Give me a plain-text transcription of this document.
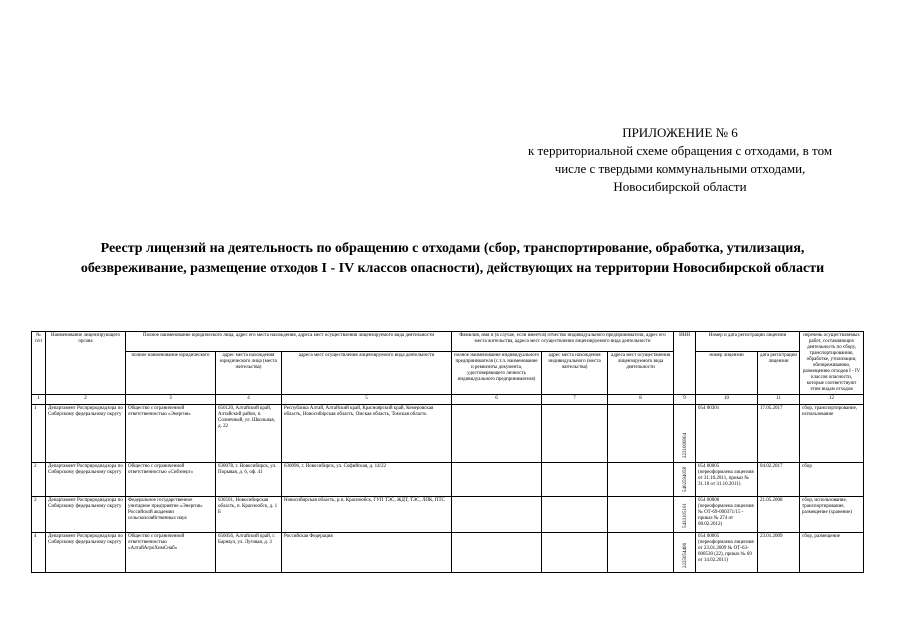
ПРИЛОЖЕНИЕ № 6
к территориальной схеме обращения с отходами, в том
числе с твердыми коммунальными отходами,
Новосибирской области
Реестр лицензий на деятельность по обращению с отходами (сбор, транспортирование, обработка, утилизация,
обезвреживание, размещение отходов I - IV классов опасности), действующих на территории Новосибирской области
№ п/п	Наименование лицензирующего органа	Полное наименование юридического лица, адрес его места нахождения, адреса мест осуществления лицензируемого вида деятельности			Фамилия, имя и (в случае, если имеется) отчество индивидуального предпринимателя, адрес его места жительства, адреса мест осуществления лицензируемого вида деятельности			ИНН	Номер и дата регистрации лицензии		перечень осуществляемых работ, составляющих деятельность по сбору, транспортированию, обработке, утилизации, обезвреживанию, размещению отходов I - IV классов опасности, которые соответствуют этим видам отходов
		полное наименование юридического	адрес места нахождения юридического лица (места жительства)	адреса мест осуществления лицензируемого вида деятельности	полное наименование индивидуального предпринимателя (с.т.л. наименование и реквизиты документа, удостоверяющего личность индивидуального предпринимателя)	адрес места нахождения индивидуального (места жительства)	адреса мест осуществления лицензируемого вида деятельности		номер лицензии	дата регистрации лицензии	
1	2	3	4	5	6	7	8	9	10	11	12
1	Департамент Росприроднадзора по Сибирскому федеральному округу	Общество с ограниченной ответственностью «Энергия»	656120, Алтайский край, Алтайский район, п. Солнечный, ул. Школьная, д. 22	Республика Алтай, Алтайский край, Красноярский край, Кемеровская область, Новосибирская область, Омская область, Томская область				2231006904	054 00301	17.05.2017	сбор, транспортирование, использование
2	Департамент Росприроднадзора по Сибирскому федеральному округу	Общество с ограниченной ответственностью «Сибэнерг»	630078, г. Новосибирск, ул. Порывая, д. 6, оф. 41	630096, г. Новосибирск, ул. Софийская, д. 14/22				5402594058	054 00005 (переоформлена лицензия от 31.10.2011, приказ № 31.10 от 31.10.2011)	04.02.2017	сбор
3	Департамент Росприроднадзора по Сибирскому федеральному округу	Федеральное государственное унитарное предприятие «Энергия» Российской академии сельскохозяйственных наук	630501, Новосибирская область, п. Краснообск, д. 1 Б	Новосибирская область, р.п. Краснообск, ГУП ТЭС, ЖДТ, ТЭС, ЛПК, ПТС				5433105101	054 00006 (переоформлена лицензия № ОТ-69-000371/15 - приказ № 274 от 08.02.2012)	21.05.2008	сбор, использование, транспортирование, размещение (хранение)
4	Департамент Росприроднадзора по Сибирскому федеральному округу	Общество с ограниченной ответственностью «АлтайАгроХимСнаб»	656056, Алтайский край, г. Барнаул, ул. Луговая, д. 3	Российская Федерация				2225054406	054 00005 (переоформлена лицензия от 23.01.2009 № ОТ-63-000530 (22), приказ № 69 от 14.02.2011)	23.01.2009	сбор, размещение
